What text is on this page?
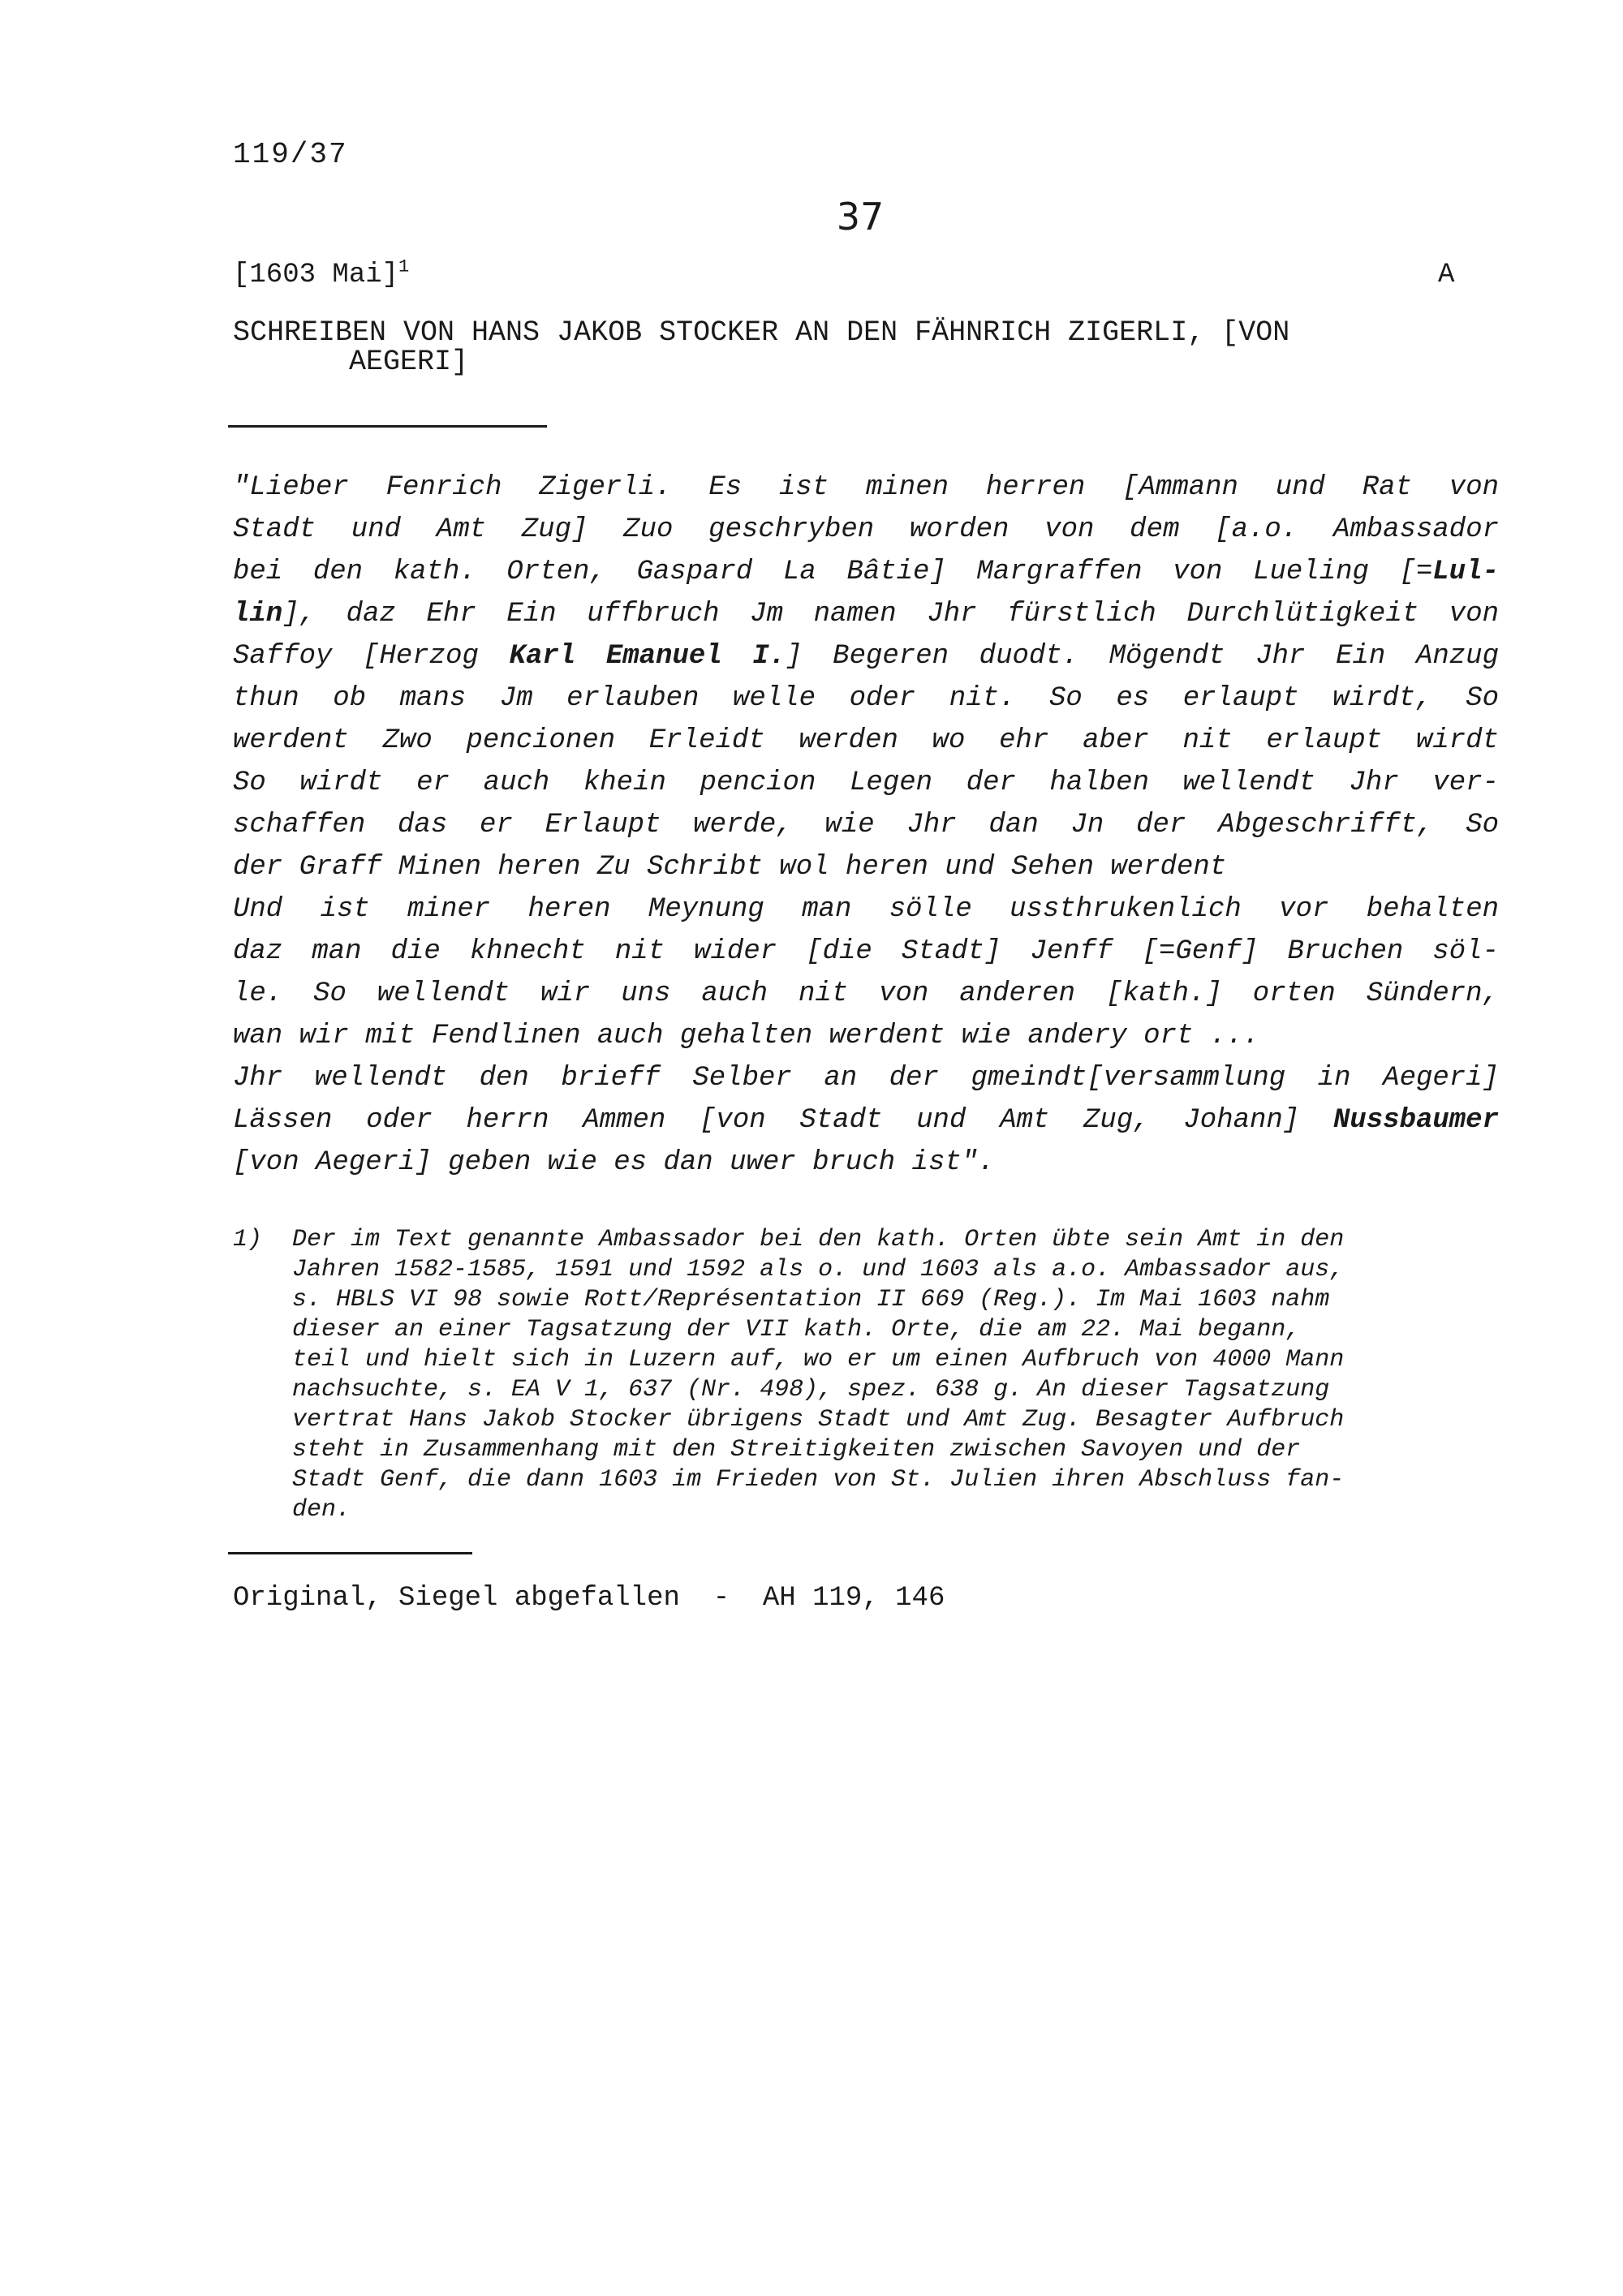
119/37
37
[1603 Mai]$^1$	A
SCHREIBEN VON HANS JAKOB STOCKER AN DEN FÄHNRICH ZIGERLI, [VON
AEGERI]
"Lieber Fenrich Zigerli. Es ist minen herren [Ammann und Rat von
Stadt und Amt Zug] Zuo geschryben worden von dem [a.o. Ambassador
bei den kath. Orten, Gaspard La Bâtie] Margraffen von Lueling [=Lul-
lin], daz Ehr Ein uffbruch Jm namen Jhr fürstlich Durchlütigkeit von
Saffoy [Herzog Karl Emanuel I.] Begeren duodt. Mögendt Jhr Ein Anzug
thun ob mans Jm erlauben welle oder nit. So es erlaupt wirdt, So
werdent Zwo pencionen Erleidt werden wo ehr aber nit erlaupt wirdt
So wirdt er auch khein pencion Legen der halben wellendt Jhr ver-
schaffen das er Erlaupt werde, wie Jhr dan Jn der Abgeschrifft, So
der Graff Minen heren Zu Schribt wol heren und Sehen werdent
Und ist miner heren Meynung man sölle ussthrukenlich vor behalten
daz man die khnecht nit wider [die Stadt] Jenff [=Genf] Bruchen söl-
le. So wellendt wir uns auch nit von anderen [kath.] orten Sündern,
wan wir mit Fendlinen auch gehalten werdent wie andery ort ...
Jhr wellendt den brieff Selber an der gmeindt[versammlung in Aegeri]
Lässen oder herrn Ammen [von Stadt und Amt Zug, Johann] Nussbaumer
[von Aegeri] geben wie es dan uwer bruch ist".
1) Der im Text genannte Ambassador bei den kath. Orten übte sein Amt in den
Jahren 1582-1585, 1591 und 1592 als o. und 1603 als a.o. Ambassador aus,
s. HBLS VI 98 sowie Rott/Représentation II 669 (Reg.). Im Mai 1603 nahm
dieser an einer Tagsatzung der VII kath. Orte, die am 22. Mai begann,
teil und hielt sich in Luzern auf, wo er um einen Aufbruch von 4000 Mann
nachsuchte, s. EA V 1, 637 (Nr. 498), spez. 638 g. An dieser Tagsatzung
vertrat Hans Jakob Stocker übrigens Stadt und Amt Zug. Besagter Aufbruch
steht in Zusammenhang mit den Streitigkeiten zwischen Savoyen und der
Stadt Genf, die dann 1603 im Frieden von St. Julien ihren Abschluss fan-
den.
Original, Siegel abgefallen  -  AH 119, 146
